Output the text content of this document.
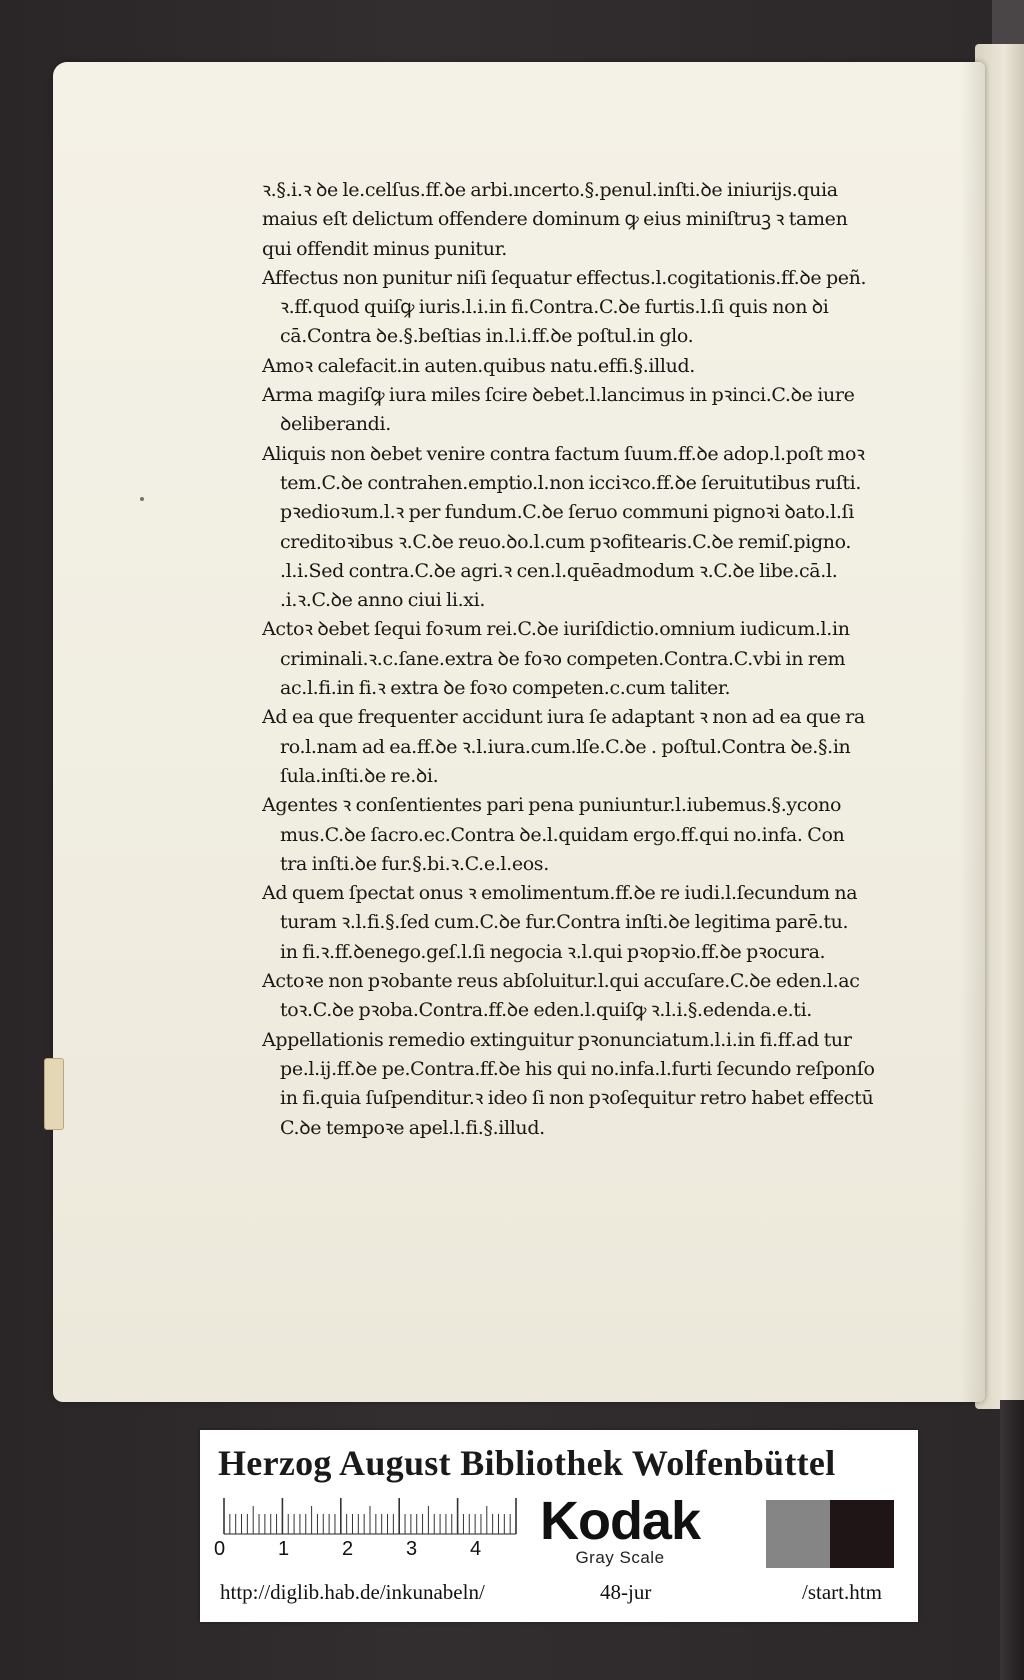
ꝛ.§.i.ꝛ ꝺe le.celſus.ff.ꝺe arbi.ıncerto.§.penul.inſti.ꝺe iniurijs.quia
maius eſt delictum offendere dominum ꝙ eius miniſtruꝫ ꝛ tamen
qui offendit minus punitur.
Affectus non punitur niſi ſequatur effectus.l.cogitationis.ff.ꝺe peñ.
ꝛ.ff.quod quiſꝙ iuris.l.i.in fi.Contra.C.ꝺe furtis.l.ſi quis non ꝺi
cā.Contra ꝺe.§.beſtias in.l.i.ff.ꝺe poſtul.in glo.
Amoꝛ calefacit.in auten.quibus natu.effi.§.illud.
Arma magiſꝙ iura miles ſcire ꝺebet.l.lancimus in pꝛinci.C.ꝺe iure
ꝺeliberandi.
Aliquis non ꝺebet venire contra factum ſuum.ff.ꝺe adop.l.poſt moꝛ
tem.C.ꝺe contrahen.emptio.l.non icciꝛco.ff.ꝺe ſeruitutibus ruſti.
pꝛedioꝛum.l.ꝛ per fundum.C.ꝺe ſeruo communi pignoꝛi ꝺato.l.ſi
creditoꝛibus ꝛ.C.ꝺe reuo.ꝺo.l.cum pꝛofitearis.C.ꝺe remiſ.pigno.
.l.i.Sed contra.C.ꝺe agri.ꝛ cen.l.quēadmodum ꝛ.C.ꝺe libe.cā.l.
.i.ꝛ.C.ꝺe anno ciui li.xi.
Actoꝛ ꝺebet ſequi foꝛum rei.C.ꝺe iuriſdictio.omnium iudicum.l.in
criminali.ꝛ.c.ſane.extra ꝺe foꝛo competen.Contra.C.vbi in rem
ac.l.fi.in fi.ꝛ extra ꝺe foꝛo competen.c.cum taliter.
Ad ea que frequenter accidunt iura ſe adaptant ꝛ non ad ea que ra
ro.l.nam ad ea.ff.ꝺe ꝛ.l.iura.cum.lſe.C.ꝺe . poſtul.Contra ꝺe.§.in
ſula.inſti.ꝺe re.ꝺi.
Agentes ꝛ conſentientes pari pena puniuntur.l.iubemus.§.ycono
mus.C.ꝺe ſacro.ec.Contra ꝺe.l.quidam ergo.ff.qui no.infa. Con
tra inſti.ꝺe fur.§.bi.ꝛ.C.e.l.eos.
Ad quem ſpectat onus ꝛ emolimentum.ff.ꝺe re iudi.l.ſecundum na
turam ꝛ.l.fi.§.ſed cum.C.ꝺe fur.Contra inſti.ꝺe legitima parē.tu.
in fi.ꝛ.ff.ꝺenego.geſ.l.ſi negocia ꝛ.l.qui pꝛopꝛio.ff.ꝺe pꝛocura.
Actoꝛe non pꝛobante reus abſoluitur.l.qui accuſare.C.ꝺe eden.l.ac
toꝛ.C.ꝺe pꝛoba.Contra.ff.ꝺe eden.l.quiſꝙ ꝛ.l.i.§.edenda.e.ti.
Appellationis remedio extinguitur pꝛonunciatum.l.i.in fi.ff.ad tur
pe.l.ij.ff.ꝺe pe.Contra.ff.ꝺe his qui no.infa.l.furti ſecundo reſponſo
in fi.quia ſuſpenditur.ꝛ ideo ſi non pꝛoſequitur retro habet effectū
C.ꝺe tempoꝛe apel.l.fi.§.illud.
Herzog August Bibliothek Wolfenbüttel
0	1	2	3	4 Kodak
Gray Scale
http://diglib.hab.de/inkunabeln/	48-jur	/start.htm
